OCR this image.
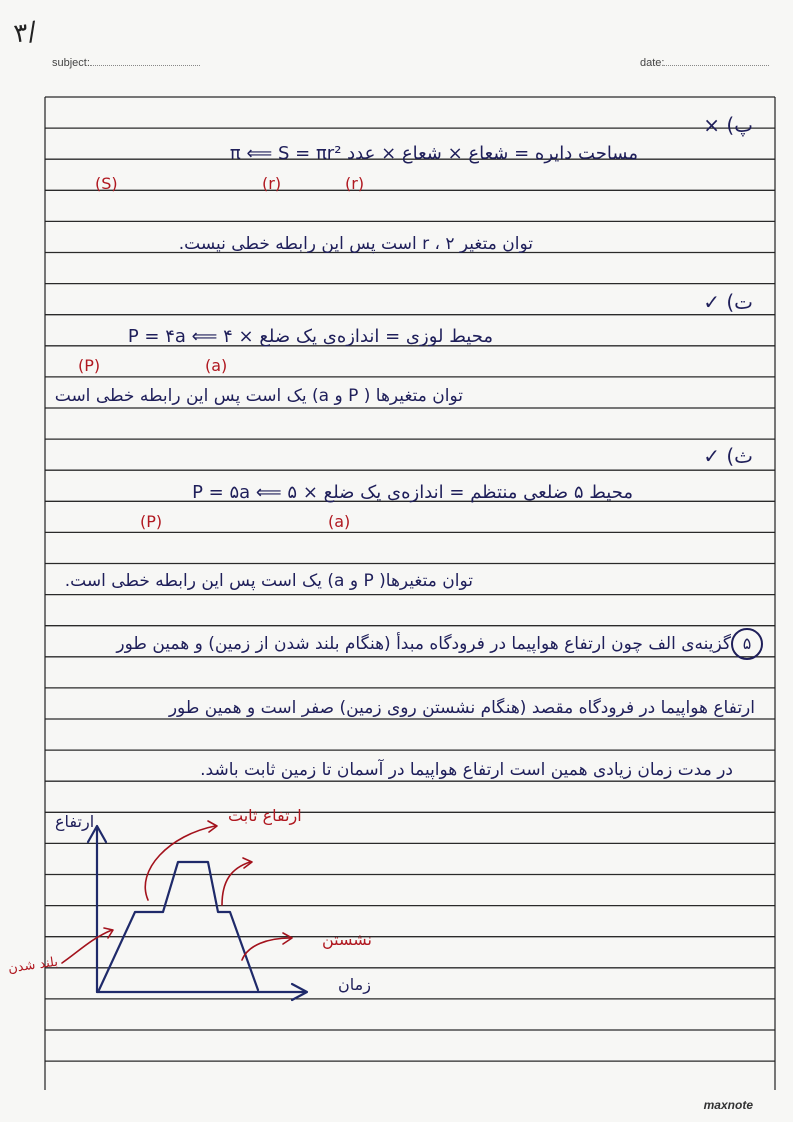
۳/
subject:	date:
پ) ×
مساحت دایره = شعاع × شعاع × عدد π ⟸ S = πr²
(S)	(r)	(r)
توان متغیر r ، ۲ است پس این رابطه خطی نیست.
ت) ✓
محیط لوزی = اندازه‌ی یک ضلع × ۴ ⟸ P = ۴a
(P)	(a)
توان متغیرها ( P و a) یک است پس این رابطه خطی است
ث) ✓
محیط ۵ ضلعی منتظم = اندازه‌ی یک ضلع × ۵ ⟸ P = ۵a
(P)	(a)
توان متغیرها( P و a) یک است پس این رابطه خطی است.
۵
گزینه‌ی الف چون ارتفاع هواپیما در فرودگاه مبدأ (هنگام بلند شدن از زمین) و همین طور
ارتفاع هواپیما در فرودگاه مقصد (هنگام نشستن روی زمین) صفر است و همین طور
در مدت زمان زیادی همین است ارتفاع هواپیما در آسمان تا زمین ثابت باشد.
ارتفاع
زمان
ارتفاع ثابت
نشستن
بلند شدن
maxnote
